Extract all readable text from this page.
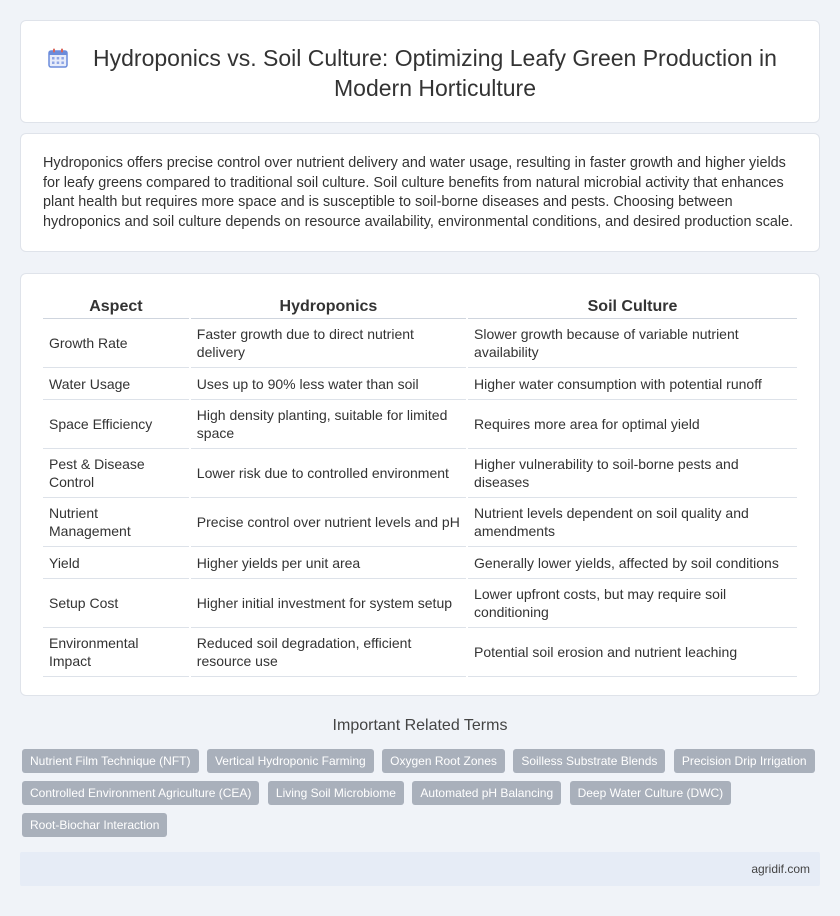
Hydroponics vs. Soil Culture: Optimizing Leafy Green Production in Modern Horticulture

Hydroponics offers precise control over nutrient delivery and water usage, resulting in faster growth and higher yields for leafy greens compared to traditional soil culture. Soil culture benefits from natural microbial activity that enhances plant health but requires more space and is susceptible to soil-borne diseases and pests. Choosing between hydroponics and soil culture depends on resource availability, environmental conditions, and desired production scale.

Aspect	Hydroponics	Soil Culture
Growth Rate	Faster growth due to direct nutrient delivery	Slower growth because of variable nutrient availability
Water Usage	Uses up to 90% less water than soil	Higher water consumption with potential runoff
Space Efficiency	High density planting, suitable for limited space	Requires more area for optimal yield
Pest & Disease Control	Lower risk due to controlled environment	Higher vulnerability to soil-borne pests and diseases
Nutrient Management	Precise control over nutrient levels and pH	Nutrient levels dependent on soil quality and amendments
Yield	Higher yields per unit area	Generally lower yields, affected by soil conditions
Setup Cost	Higher initial investment for system setup	Lower upfront costs, but may require soil conditioning
Environmental Impact	Reduced soil degradation, efficient resource use	Potential soil erosion and nutrient leaching
Important Related Terms
Nutrient Film Technique (NFT) Vertical Hydroponic Farming Oxygen Root Zones Soilless Substrate Blends Precision Drip Irrigation Controlled Environment Agriculture (CEA) Living Soil Microbiome Automated pH Balancing Deep Water Culture (DWC) Root-Biochar Interaction
agridif.com
